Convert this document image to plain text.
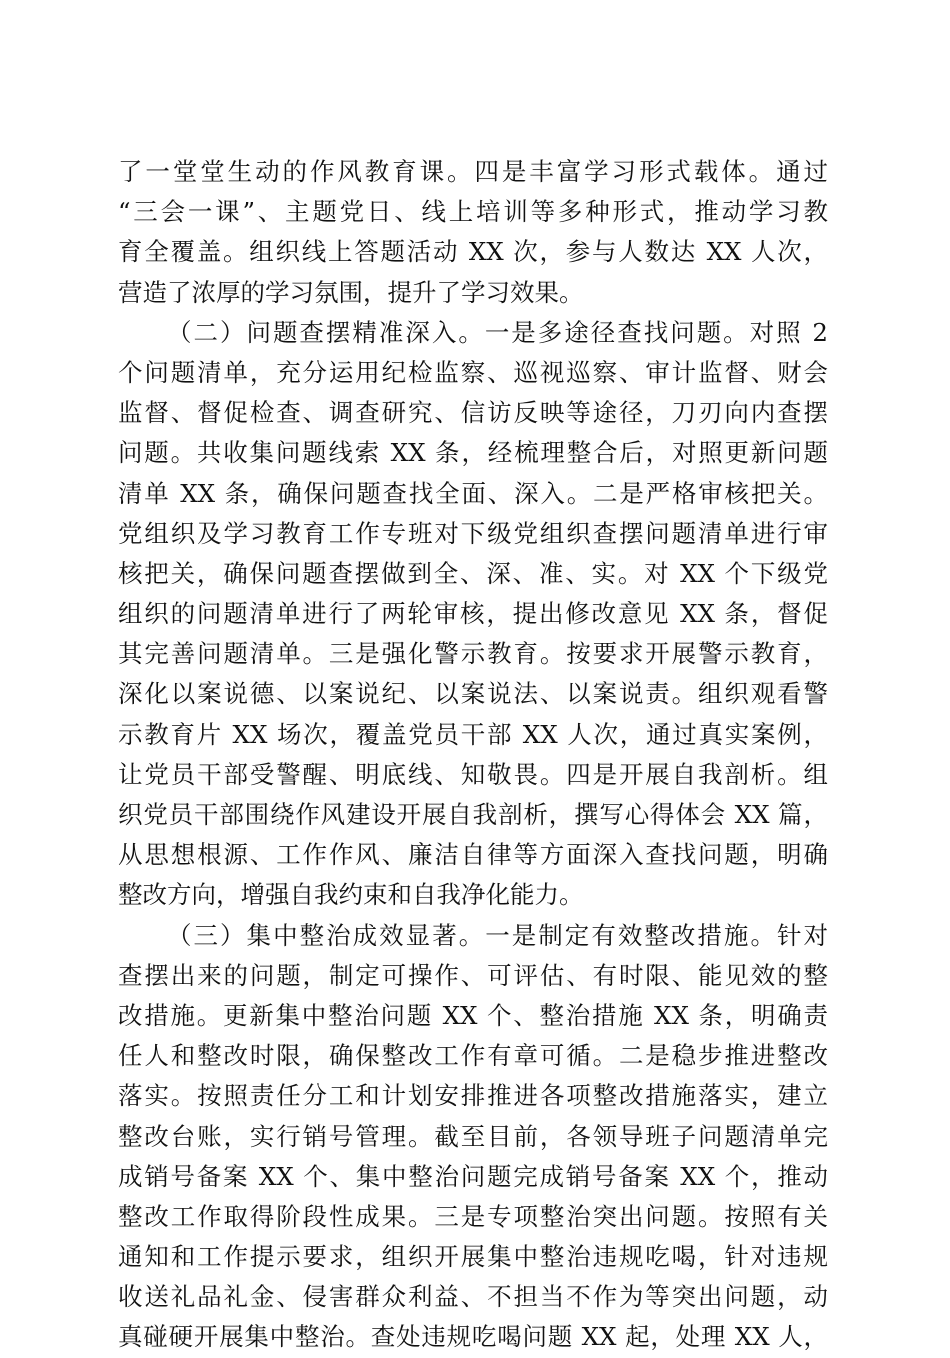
了一堂堂生动的作风教育课。四是丰富学习形式载体。通过
“三会一课”、主题党日、线上培训等多种形式，推动学习教
育全覆盖。组织线上答题活动 XX 次，参与人数达 XX 人次，
营造了浓厚的学习氛围，提升了学习效果。
（二）问题查摆精准深入。一是多途径查找问题。对照 2
个问题清单，充分运用纪检监察、巡视巡察、审计监督、财会
监督、督促检查、调查研究、信访反映等途径，刀刃向内查摆
问题。共收集问题线索 XX 条，经梳理整合后，对照更新问题
清单 XX 条，确保问题查找全面、深入。二是严格审核把关。
党组织及学习教育工作专班对下级党组织查摆问题清单进行审
核把关，确保问题查摆做到全、深、准、实。对 XX 个下级党
组织的问题清单进行了两轮审核，提出修改意见 XX 条，督促
其完善问题清单。三是强化警示教育。按要求开展警示教育，
深化以案说德、以案说纪、以案说法、以案说责。组织观看警
示教育片 XX 场次，覆盖党员干部 XX 人次，通过真实案例，
让党员干部受警醒、明底线、知敬畏。四是开展自我剖析。组
织党员干部围绕作风建设开展自我剖析，撰写心得体会 XX 篇，
从思想根源、工作作风、廉洁自律等方面深入查找问题，明确
整改方向，增强自我约束和自我净化能力。
（三）集中整治成效显著。一是制定有效整改措施。针对
查摆出来的问题，制定可操作、可评估、有时限、能见效的整
改措施。更新集中整治问题 XX 个、整治措施 XX 条，明确责
任人和整改时限，确保整改工作有章可循。二是稳步推进整改
落实。按照责任分工和计划安排推进各项整改措施落实，建立
整改台账，实行销号管理。截至目前，各领导班子问题清单完
成销号备案 XX 个、集中整治问题完成销号备案 XX 个，推动
整改工作取得阶段性成果。三是专项整治突出问题。按照有关
通知和工作提示要求，组织开展集中整治违规吃喝，针对违规
收送礼品礼金、侵害群众利益、不担当不作为等突出问题，动
真碰硬开展集中整治。查处违规吃喝问题 XX 起，处理 XX 人，
